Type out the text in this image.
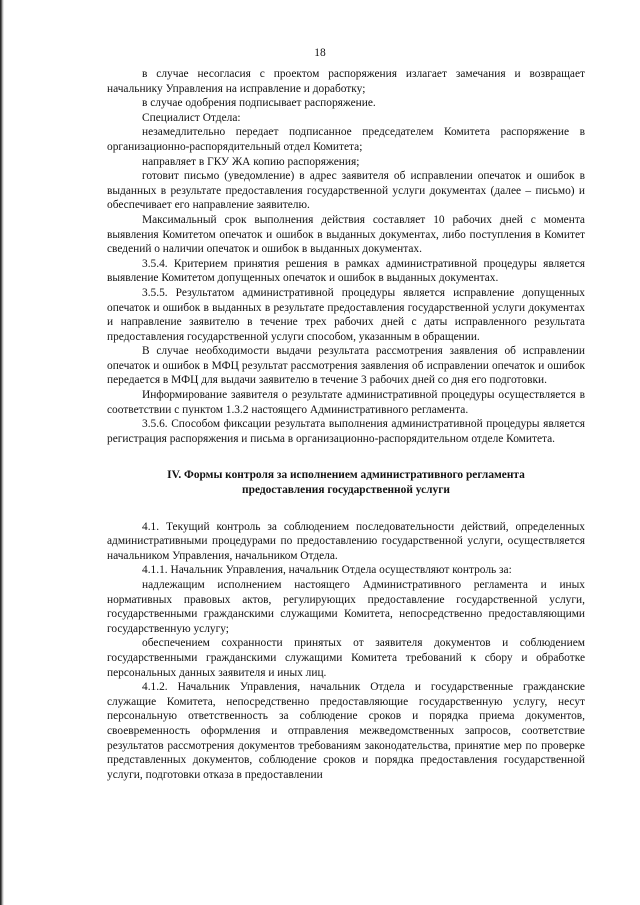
18

в случае несогласия с проектом распоряжения излагает замечания и возвращает начальнику Управления на исправление и доработку;

в случае одобрения подписывает распоряжение.

Специалист Отдела:

незамедлительно передает подписанное председателем Комитета распоряжение в организационно-распорядительный отдел Комитета;

направляет в ГКУ ЖА копию распоряжения;

готовит письмо (уведомление) в адрес заявителя об исправлении опечаток и ошибок в выданных в результате предоставления государственной услуги документах (далее – письмо) и обеспечивает его направление заявителю.

Максимальный срок выполнения действия составляет 10 рабочих дней с момента выявления Комитетом опечаток и ошибок в выданных документах, либо поступления в Комитет сведений о наличии опечаток и ошибок в выданных документах.

3.5.4. Критерием принятия решения в рамках административной процедуры является выявление Комитетом допущенных опечаток и ошибок в выданных документах.

3.5.5. Результатом административной процедуры является исправление допущенных опечаток и ошибок в выданных в результате предоставления государственной услуги документах и направление заявителю в течение трех рабочих дней с даты исправленного результата предоставления государственной услуги способом, указанным в обращении.

В случае необходимости выдачи результата рассмотрения заявления об исправлении опечаток и ошибок в МФЦ результат рассмотрения заявления об исправлении опечаток и ошибок передается в МФЦ для выдачи заявителю в течение 3 рабочих дней со дня его подготовки.

Информирование заявителя о результате административной процедуры осуществляется в соответствии с пунктом 1.3.2 настоящего Административного регламента.

3.5.6. Способом фиксации результата выполнения административной процедуры является регистрация распоряжения и письма в организационно-распорядительном отделе Комитета.

IV. Формы контроля за исполнением административного регламента предоставления государственной услуги

4.1. Текущий контроль за соблюдением последовательности действий, определенных административными процедурами по предоставлению государственной услуги, осуществляется начальником Управления, начальником Отдела.

4.1.1. Начальник Управления, начальник Отдела осуществляют контроль за:

надлежащим исполнением настоящего Административного регламента и иных нормативных правовых актов, регулирующих предоставление государственной услуги, государственными гражданскими служащими Комитета, непосредственно предоставляющими государственную услугу;

обеспечением сохранности принятых от заявителя документов и соблюдением государственными гражданскими служащими Комитета требований к сбору и обработке персональных данных заявителя и иных лиц.

4.1.2. Начальник Управления, начальник Отдела и государственные гражданские служащие Комитета, непосредственно предоставляющие государственную услугу, несут персональную ответственность за соблюдение сроков и порядка приема документов, своевременность оформления и отправления межведомственных запросов, соответствие результатов рассмотрения документов требованиям законодательства, принятие мер по проверке представленных документов, соблюдение сроков и порядка предоставления государственной услуги, подготовки отказа в предоставлении
